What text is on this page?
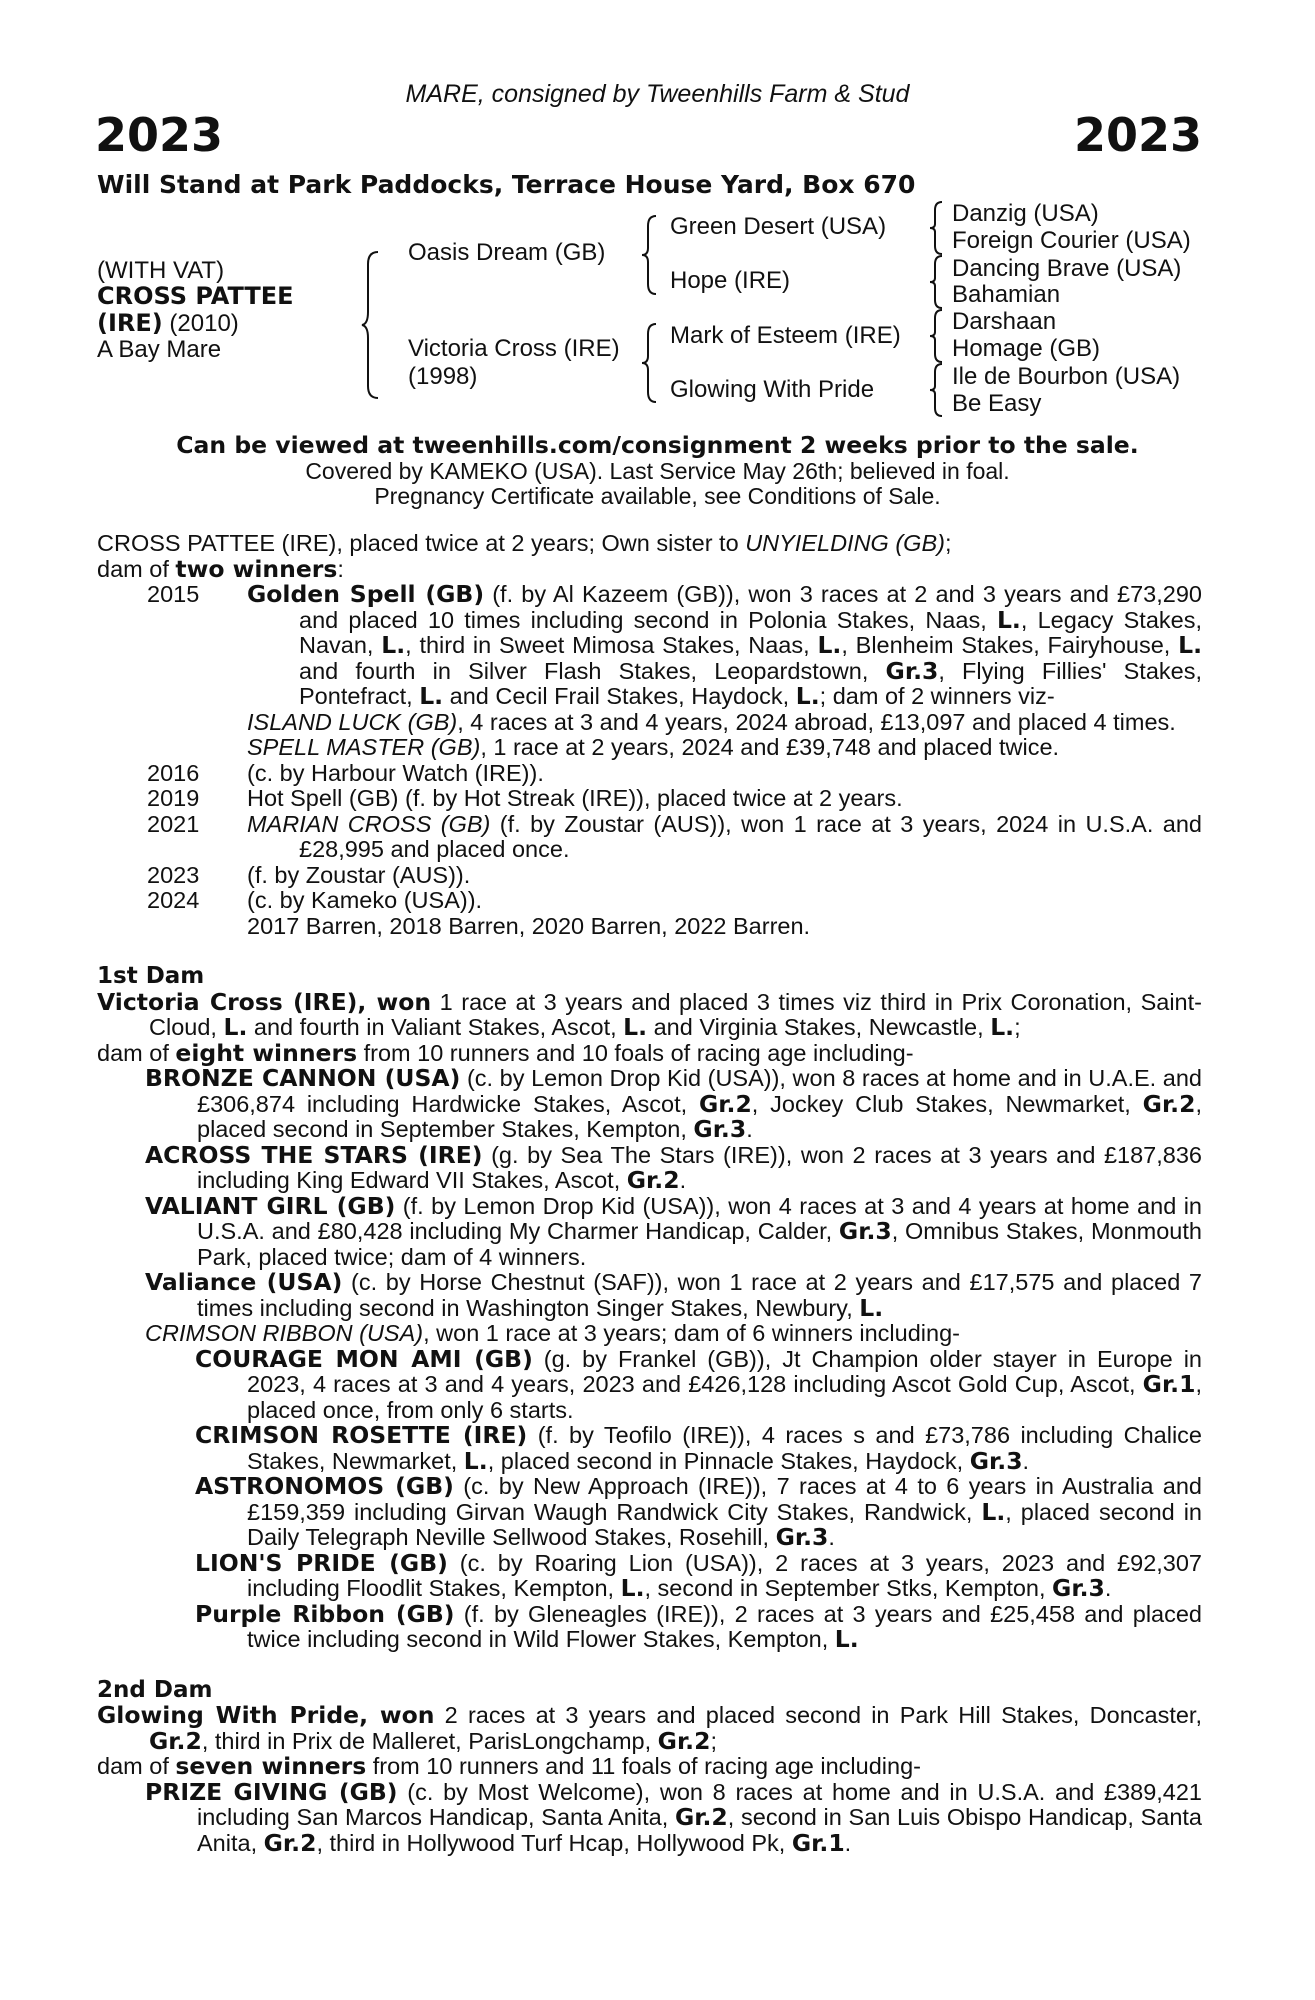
MARE, consigned by Tweenhills Farm & Stud
2023	2023
Will Stand at Park Paddocks, Terrace House Yard, Box 670
(WITH VAT)
CROSS PATTEE
(IRE) (2010)
A Bay Mare
Oasis Dream (GB)
Victoria Cross (IRE)
(1998)
Green Desert (USA)
Hope (IRE)
Mark of Esteem (IRE)
Glowing With Pride
Danzig (USA)
Foreign Courier (USA)
Dancing Brave (USA)
Bahamian
Darshaan
Homage (GB)
Ile de Bourbon (USA)
Be Easy
Can be viewed at tweenhills.com/consignment 2 weeks prior to the sale.
Covered by KAMEKO (USA). Last Service May 26th; believed in foal.
Pregnancy Certificate available, see Conditions of Sale.

CROSS PATTEE (IRE), placed twice at 2 years; Own sister to UNYIELDING (GB);

dam of two winners:

2015	Golden Spell (GB) (f. by Al Kazeem (GB)), won 3 races at 2 and 3 years and £73,290 and placed 10 times including second in Polonia Stakes, Naas, L., Legacy Stakes, Navan, L., third in Sweet Mimosa Stakes, Naas, L., Blenheim Stakes, Fairyhouse, L. and fourth in Silver Flash Stakes, Leopardstown, Gr.3, Flying Fillies' Stakes, Pontefract, L. and Cecil Frail Stakes, Haydock, L.; dam of 2 winners viz-

ISLAND LUCK (GB), 4 races at 3 and 4 years, 2024 abroad, £13,097 and placed 4 times.

SPELL MASTER (GB), 1 race at 2 years, 2024 and £39,748 and placed twice.

2016	(c. by Harbour Watch (IRE)).
2019	Hot Spell (GB) (f. by Hot Streak (IRE)), placed twice at 2 years.
2021	MARIAN CROSS (GB) (f. by Zoustar (AUS)), won 1 race at 3 years, 2024 in U.S.A. and £28,995 and placed once.
2023	(f. by Zoustar (AUS)).
2024	(c. by Kameko (USA)).
2017 Barren, 2018 Barren, 2020 Barren, 2022 Barren.

1st Dam

Victoria Cross (IRE), won 1 race at 3 years and placed 3 times viz third in Prix Coronation, Saint-Cloud, L. and fourth in Valiant Stakes, Ascot, L. and Virginia Stakes, Newcastle, L.;

dam of eight winners from 10 runners and 10 foals of racing age including-

BRONZE CANNON (USA) (c. by Lemon Drop Kid (USA)), won 8 races at home and in U.A.E. and £306,874 including Hardwicke Stakes, Ascot, Gr.2, Jockey Club Stakes, Newmarket, Gr.2, placed second in September Stakes, Kempton, Gr.3.

ACROSS THE STARS (IRE) (g. by Sea The Stars (IRE)), won 2 races at 3 years and £187,836 including King Edward VII Stakes, Ascot, Gr.2.

VALIANT GIRL (GB) (f. by Lemon Drop Kid (USA)), won 4 races at 3 and 4 years at home and in U.S.A. and £80,428 including My Charmer Handicap, Calder, Gr.3, Omnibus Stakes, Monmouth Park, placed twice; dam of 4 winners.

Valiance (USA) (c. by Horse Chestnut (SAF)), won 1 race at 2 years and £17,575 and placed 7 times including second in Washington Singer Stakes, Newbury, L.

CRIMSON RIBBON (USA), won 1 race at 3 years; dam of 6 winners including-

COURAGE MON AMI (GB) (g. by Frankel (GB)), Jt Champion older stayer in Europe in 2023, 4 races at 3 and 4 years, 2023 and £426,128 including Ascot Gold Cup, Ascot, Gr.1, placed once, from only 6 starts.

CRIMSON ROSETTE (IRE) (f. by Teofilo (IRE)), 4 races s and £73,786 including Chalice Stakes, Newmarket, L., placed second in Pinnacle Stakes, Haydock, Gr.3.

ASTRONOMOS (GB) (c. by New Approach (IRE)), 7 races at 4 to 6 years in Australia and £159,359 including Girvan Waugh Randwick City Stakes, Randwick, L., placed second in Daily Telegraph Neville Sellwood Stakes, Rosehill, Gr.3.

LION'S PRIDE (GB) (c. by Roaring Lion (USA)), 2 races at 3 years, 2023 and £92,307 including Floodlit Stakes, Kempton, L., second in September Stks, Kempton, Gr.3.

Purple Ribbon (GB) (f. by Gleneagles (IRE)), 2 races at 3 years and £25,458 and placed twice including second in Wild Flower Stakes, Kempton, L.

2nd Dam

Glowing With Pride, won 2 races at 3 years and placed second in Park Hill Stakes, Doncaster, Gr.2, third in Prix de Malleret, ParisLongchamp, Gr.2;

dam of seven winners from 10 runners and 11 foals of racing age including-

PRIZE GIVING (GB) (c. by Most Welcome), won 8 races at home and in U.S.A. and £389,421 including San Marcos Handicap, Santa Anita, Gr.2, second in San Luis Obispo Handicap, Santa Anita, Gr.2, third in Hollywood Turf Hcap, Hollywood Pk, Gr.1.
